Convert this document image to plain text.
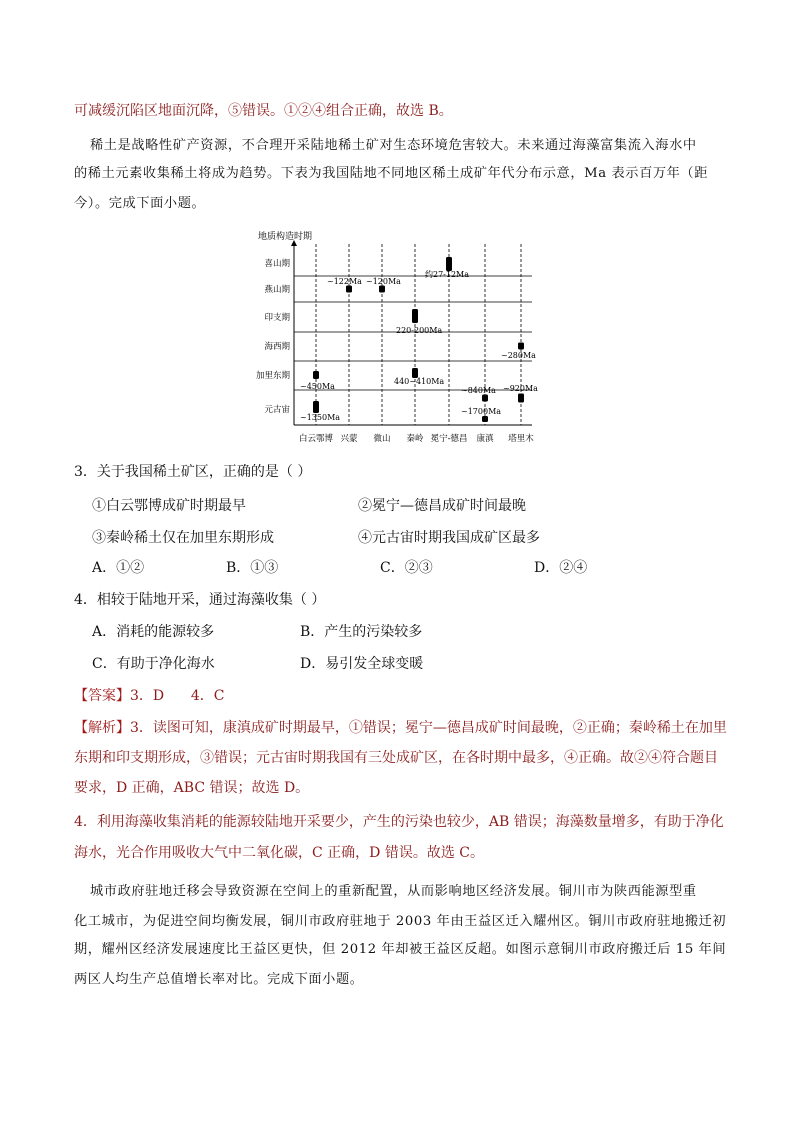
可减缓沉陷区地面沉降，⑤错误。①②④组合正确，故选 B。
稀土是战略性矿产资源，不合理开采陆地稀土矿对生态环境危害较大。未来通过海藻富集流入海水中
的稀土元素收集稀土将成为趋势。下表为我国陆地不同地区稀土成矿年代分布示意，Ma 表示百万年（距
今）。完成下面小题。
~450Ma
~1350Ma
~122Ma ~120Ma
220-200Ma
440~410Ma
约27-12Ma
~840Ma
~1700Ma
~280Ma
~920Ma
地质构造时期
喜山期
燕山期
印支期
海西期
加里东期
元古宙
白云鄂博 兴蒙 微山 秦岭 冕宁-德昌 康滇 塔里木
3．关于我国稀土矿区，正确的是（ ）
①白云鄂博成矿时期最早	②冕宁—德昌成矿时间最晚
③秦岭稀土仅在加里东期形成	④元古宙时期我国成矿区最多
A．①②	B．①③	C．②③	D．②④
4．相较于陆地开采，通过海藻收集（ ）
A．消耗的能源较多	B．产生的污染较多
C．有助于净化海水	D．易引发全球变暖
【答案】3．D      4．C
【解析】3．读图可知，康滇成矿时期最早，①错误；冕宁—德昌成矿时间最晚，②正确；秦岭稀土在加里
东期和印支期形成，③错误；元古宙时期我国有三处成矿区，在各时期中最多，④正确。故②④符合题目
要求，D 正确，ABC 错误；故选 D。
4．利用海藻收集消耗的能源较陆地开采要少，产生的污染也较少，AB 错误；海藻数量增多，有助于净化
海水，光合作用吸收大气中二氧化碳，C 正确，D 错误。故选 C。
城市政府驻地迁移会导致资源在空间上的重新配置，从而影响地区经济发展。铜川市为陕西能源型重
化工城市，为促进空间均衡发展，铜川市政府驻地于 2003 年由王益区迁入耀州区。铜川市政府驻地搬迁初
期，耀州区经济发展速度比王益区更快，但 2012 年却被王益区反超。如图示意铜川市政府搬迁后 15 年间
两区人均生产总值增长率对比。完成下面小题。
